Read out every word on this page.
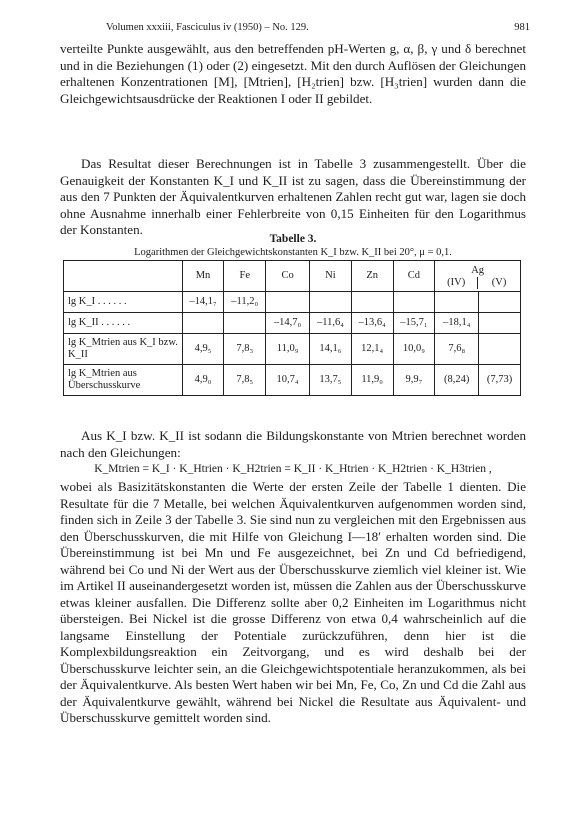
Volumen xxxiii, Fasciculus iv (1950) – No. 129.	981

verteilte Punkte ausgewählt, aus den betreffenden pH-Werten g, α, β, γ und δ berechnet und in die Beziehungen (1) oder (2) eingesetzt. Mit den durch Auflösen der Gleichungen erhaltenen Konzentrationen [M], [Mtrien], [H₂trien] bzw. [H₃trien] wurden dann die Gleichgewichtsausdrücke der Reaktionen I oder II gebildet.

Das Resultat dieser Berechnungen ist in Tabelle 3 zusammengestellt. Über die Genauigkeit der Konstanten K_I und K_II ist zu sagen, dass die Übereinstimmung der aus den 7 Punkten der Äquivalentkurven erhaltenen Zahlen recht gut war, lagen sie doch ohne Ausnahme innerhalb einer Fehlerbreite von 0,15 Einheiten für den Logarithmus der Konstanten.

Tabelle 3.
Logarithmen der Gleichgewichtskonstanten K_I bzw. K_II bei 20°, μ = 0,1.
	Mn	Fe	Co	Ni	Zn	Cd	Ag
(IV) (V)	

lg K_I . . . . . .	–14,1₇	–11,2₀						
lg K_II . . . . . .			–14,7₀	–11,6₄	–13,6₄	–15,7₁	–18,1₄	
lg K_Mtrien aus K_I bzw. K_II	4,9₅	7,8₃	11,0₉	14,1₆	12,1₄	10,0₉	7,6₈	
lg K_Mtrien aus Überschusskurve	4,9₀	7,8₅	10,7₄	13,7₅	11,9₀	9,9₇	(8,24)	(7,73)

Aus K_I bzw. K_II ist sodann die Bildungskonstante von Mtrien berechnet worden nach den Gleichungen:

K_Mtrien = K_I · K_Htrien · K_H2trien = K_II · K_Htrien · K_H2trien · K_H3trien ,

wobei als Basizitätskonstanten die Werte der ersten Zeile der Tabelle 1 dienten. Die Resultate für die 7 Metalle, bei welchen Äquivalentkurven aufgenommen worden sind, finden sich in Zeile 3 der Tabelle 3. Sie sind nun zu vergleichen mit den Ergebnissen aus den Überschusskurven, die mit Hilfe von Gleichung I—18′ erhalten worden sind. Die Übereinstimmung ist bei Mn und Fe ausgezeichnet, bei Zn und Cd befriedigend, während bei Co und Ni der Wert aus der Überschusskurve ziemlich viel kleiner ist. Wie im Artikel II auseinandergesetzt worden ist, müssen die Zahlen aus der Überschusskurve etwas kleiner ausfallen. Die Differenz sollte aber 0,2 Einheiten im Logarithmus nicht übersteigen. Bei Nickel ist die grosse Differenz von etwa 0,4 wahrscheinlich auf die langsame Einstellung der Potentiale zurückzuführen, denn hier ist die Komplexbildungsreaktion ein Zeitvorgang, und es wird deshalb bei der Überschusskurve leichter sein, an die Gleichgewichtspotentiale heranzukommen, als bei der Äquivalentkurve. Als besten Wert haben wir bei Mn, Fe, Co, Zn und Cd die Zahl aus der Äquivalentkurve gewählt, während bei Nickel die Resultate aus Äquivalent- und Überschusskurve gemittelt worden sind.
